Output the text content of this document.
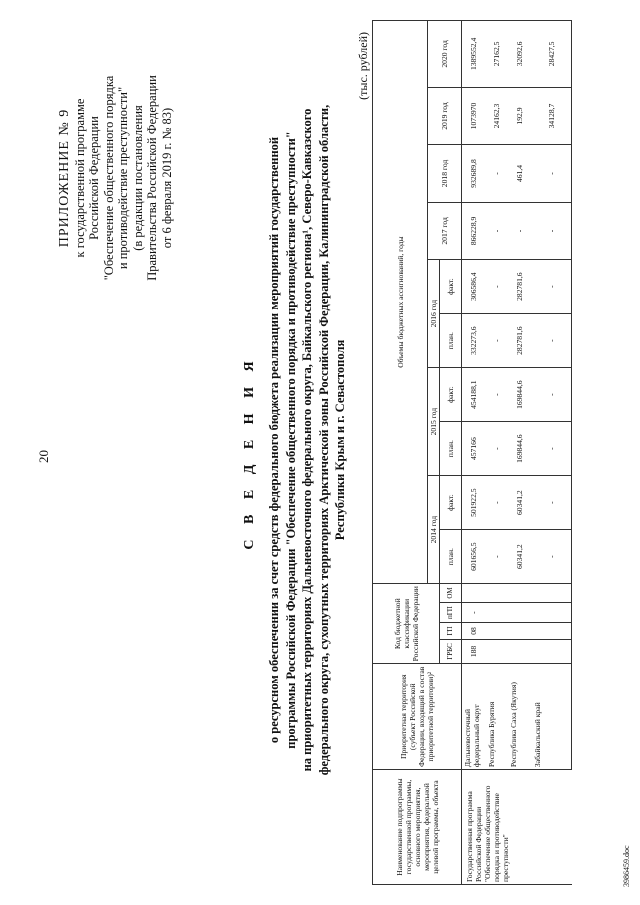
20
ПРИЛОЖЕНИЕ № 9 к государственной программе Российской Федерации "Обеспечение общественного порядка и противодействие преступности" (в редакции постановления Правительства Российской Федерации от 6 февраля 2019 г. № 83)
С В Е Д Е Н И Я о ресурсном обеспечении за счет средств федерального бюджета реализации мероприятий государственной программы Российской Федерации "Обеспечение общественного порядка и противодействие преступности" на приоритетных территориях Дальневосточного федерального округа, Байкальского региона¹, Северо-Кавказского федерального округа, сухопутных территориях Арктической зоны Российской Федерации, Калининградской области, Республики Крым и г. Севастополя
(тыс. рублей)
Наименование подпрограммы государственной программы, основного мероприятия, мероприятия, федеральной целевой программы, объекта	Приоритетная территория (субъект Российской Федерации, входящий в состав приоритетной территории)²	Код бюджетной классификации Российской Федерации				Объемы бюджетных ассигнований, годы									
						2014 год		2015 год		2016 год		2017 год	2018 год	2019 год	2020 год
		ГРБС	ГП	пГП	ОМ	план.	факт.	план.	факт.	план.	факт.				

Государственная программа Российской Федерации "Обеспечение общественного порядка и противодействие преступности"	Дальневосточный федеральный округ	188	08	-		601656,5	501922,5	457166	454188,1	332273,6	306586,4	866228,9	932689,8	1073970	1389552,4
	Республика Бурятия					-	-	-	-	-	-	-	-	24162,3	27162,5
	Республика Саха (Якутия)					60341,2	60341,2	169844,6	169844,6	282781,6	282781,6	-	461,4	192,9	32092,6
	Забайкальский край					-	-	-	-	-	-	-	-	34128,7	28427,5
3986459.doc
